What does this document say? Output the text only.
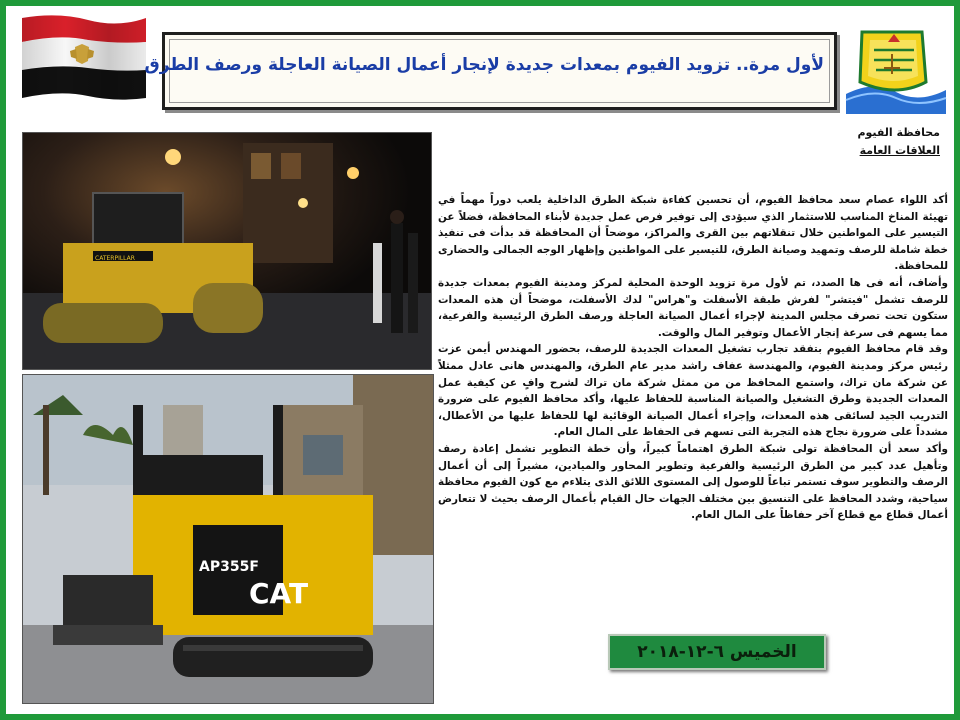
لأول مرة.. تزويد الفيوم بمعدات جديدة لإنجار أعمال الصيانة العاجلة ورصف الطرق
CATERPILLAR
AP355F
CAT
محافظة الفيوم
العلاقات العامة

أكد اللواء عصام سعد محافظ الفيوم، أن تحسين كفاءة شبكة الطرق الداخلية يلعب دوراً مهماً في تهيئة المناخ المناسب للاستثمار الذي سيؤدى إلى توفير فرص عمل جديدة لأبناء المحافظة، فضلاً عن التيسير على المواطنين خلال تنقلاتهم بين القرى والمراكز، موضحاً أن المحافظة قد بدأت فى تنفيذ خطة شاملة للرصف وتمهيد وصيانة الطرق، للتيسير على المواطنين وإظهار الوجه الجمالى والحضارى للمحافظة.

وأضاف، أنه فى ها الصدد، تم لأول مرة تزويد الوحدة المحلية لمركز ومدينة الفيوم بمعدات جديدة للرصف تشمل "فيتشر" لفرش طبقة الأسفلت و"هراس" لدك الأسفلت، موضحاً أن هذه المعدات ستكون تحت تصرف مجلس المدينة لإجراء أعمال الصيانة العاجلة ورصف الطرق الرئيسية والفرعية، مما يسهم فى سرعة إنجار الأعمال وتوفير المال والوقت.

وقد قام محافظ الفيوم بتفقد تجارب تشغيل المعدات الجديدة للرصف، بحضور المهندس أيمن عزت رئيس مركز ومدينة الفيوم، والمهندسة عفاف راشد مدير عام الطرق، والمهندس هانى عادل ممثلاً عن شركة مان تراك، واستمع المحافظ من من ممثل شركة مان تراك لشرح وافٍ عن كيفية عمل المعدات الجديدة وطرق التشغيل والصيانة المناسبة للحفاظ عليها، وأكد محافظ الفيوم على ضرورة التدريب الجيد لسائقى هذه المعدات، وإجراء أعمال الصيانة الوقائية لها للحفاظ عليها من الأعطال، مشدداً على ضرورة نجاح هذه التجربة التى تسهم فى الحفاظ على المال العام.

وأكد سعد أن المحافظة تولى شبكة الطرق اهتماماً كبيراً، وأن خطة التطوير تشمل إعادة رصف وتأهيل عدد كبير من الطرق الرئيسية والفرعية وتطوير المحاور والميادين، مشيراً إلى أن أعمال الرصف والتطوير سوف تستمر تباعاً للوصول إلى المستوى اللائق الذى يتلاءم مع كون الفيوم محافظة سياحية، وشدد المحافظ على التنسيق بين مختلف الجهات حال القيام بأعمال الرصف بحيث لا تتعارض أعمال قطاع مع قطاع آخر حفاظاً على المال العام.

الخميس ٦-١٢-٢٠١٨
